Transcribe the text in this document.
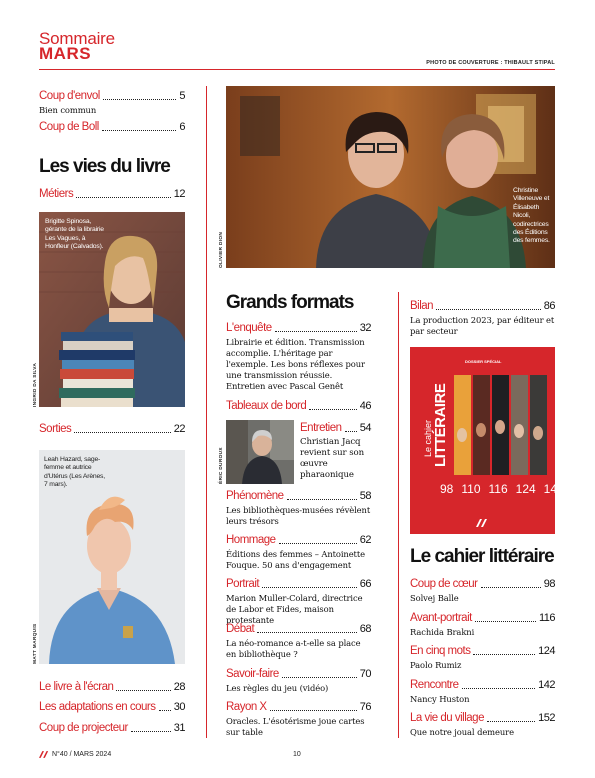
Sommaire
MARS	PHOTO DE COUVERTURE : THIBAULT STIPAL
Coup d'envol	5
Bien commun
Coup de Boll	6
Les vies du livre
Métiers	12
Brigitte Spinosa, gérante de la librairie Les Vagues, à Honfleur (Calvados).
INGRID DA SILVA
Sorties	22
Leah Hazard, sage-femme et autrice d'Utérus (Les Arènes, 7 mars).
MATT MARQUIS
Le livre à l'écran	28
Les adaptations en cours 30
Coup de projecteur	31
Christine Villeneuve et Élisabeth Nicoli, codirectrices des Éditions des femmes.
OLIVIER DION
Grands formats
L'enquête	32
Librairie et édition. Transmission accomplie. L'héritage par l'exemple. Les bons réflexes pour une transmission réussie. Entretien avec Pascal Genêt
Tableaux de bord	46
Entretien 54
Christian Jacq revient sur son œuvre pharaonique
ÉRIC DUROUX
Phénomène	58
Les bibliothèques-musées révèlent leurs trésors
Hommage	62
Éditions des femmes – Antoinette Fouque. 50 ans d'engagement
Portrait	66
Marion Muller-Colard, directrice de Labor et Fides, maison protestante
Débat	68
La néo-romance a-t-elle sa place en bibliothèque ?
Savoir-faire	70
Les règles du jeu (vidéo)
Rayon X	76
Oracles. L'ésotérisme joue cartes sur table
Bilan	86
La production 2023, par éditeur et par secteur
DOSSIER SPÉCIAL
Le cahier LITTÉRAIRE
98 110 116 124 142
Le cahier littéraire
Coup de cœur	98
Solvej Balle
Avant-portrait	116
Rachida Brakni
En cinq mots	124
Paolo Rumiz
Rencontre	142
Nancy Huston
La vie du village	152
Que notre joual demeure
N°40 / MARS 2024	10
